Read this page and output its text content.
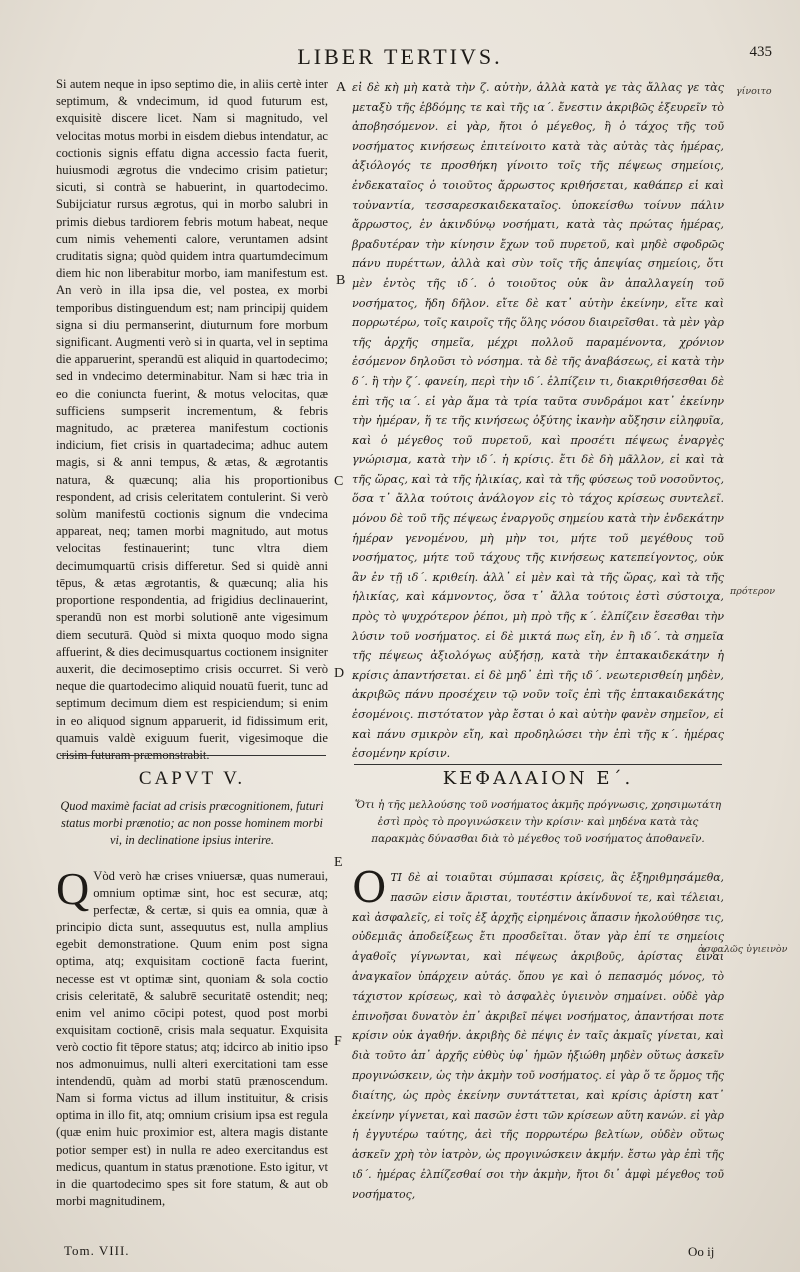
LIBER TERTIVS.	435

Si autem neque in ipso septimo die, in aliis certè inter septimum, & vndecimum, id quod futurum est, exquisitè discere licet. Nam si magnitudo, vel velocitas motus morbi in eisdem diebus intendatur, ac coctionis signis effatu digna accessio facta fuerit, huiusmodi ægrotus die vndecimo crisim patietur; sicuti, si contrà se habuerint, in quartodecimo. Subijciatur rursus ægrotus, qui in morbo salubri in primis diebus tardiorem febris motum habeat, neque cum nimis vehementi calore, veruntamen adsint cruditatis signa; quòd quidem intra quartumdecimum diem hic non liberabitur morbo, iam manifestum est. An verò in illa ipsa die, vel postea, ex morbi temporibus distinguendum est; nam principij quidem signa si diu permanserint, diuturnum fore morbum significant. Augmenti verò si in quarta, vel in septima die apparuerint, sperandū est aliquid in quartodecimo; sed in vndecimo determinabitur. Nam si hæc tria in eo die coniuncta fuerint, & motus velocitas, quæ sufficiens sumpserit incrementum, & febris magnitudo, ac præterea manifestum coctionis indicium, fiet crisis in quartadecima; adhuc autem magis, si & anni tempus, & ætas, & ægrotantis natura, & quæcunq; alia his proportionibus respondent, ad crisis celeritatem contulerint. Si verò solùm manifestū coctionis signum die vndecima appareat, neq; tamen morbi magnitudo, aut motus velocitas festinauerint; tunc vltra diem decimumquartū crisis differetur. Sed si quidè anni tēpus, & ætas ægrotantis, & quæcunq; alia his proportione respondentia, ad frigidius declinauerint, sperandū non est morbi solutionē ante vigesimum diem secuturā. Quòd si mixta quoquo modo signa affuerint, & dies decimusquartus coctionem insigniter auxerit, die decimoseptimo crisis occurret. Si verò neque die quartodecimo aliquid nouatū fuerit, tunc ad septimum decimum diem est respiciendum; si enim in eo aliquod signum apparuerit, id fidissimum erit, quamuis valdè exiguum fuerit, vigesimoque die crisim futuram præmonstrabit.

εἰ δὲ κὴ μὴ κατὰ τὴν ζ. αὐτὴν, ἀλλὰ κατὰ γε τὰς ἄλλας γε τὰς μεταξὺ τῆς ἑβδόμης τε καὶ τῆς ια΄. ἔνεστιν ἀκριβῶς ἐξευρεῖν τὸ ἀποβησόμενον. εἰ γὰρ, ἤτοι ὁ μέγεθος, ἢ ὁ τάχος τῆς τοῦ νοσήματος κινήσεως ἐπιτείνοιτο κατὰ τὰς αὐτὰς τὰς ἡμέρας, ἀξιόλογός τε προσθήκη γίνοιτο τοῖς τῆς πέψεως σημείοις, ἐνδεκαταῖος ὁ τοιοῦτος ἄρρωστος κριθήσεται, καθάπερ εἰ καὶ τοὐναντία, τεσσαρεσκαιδεκαταῖος. ὑποκείσθω τοίνυν πάλιν ἄρρωστος, ἐν ἀκινδύνῳ νοσήματι, κατὰ τὰς πρώτας ἡμέρας, βραδυτέραν τὴν κίνησιν ἔχων τοῦ πυρετοῦ, καὶ μηδὲ σφοδρῶς πάνυ πυρέττων, ἀλλὰ καὶ σὺν τοῖς τῆς ἀπεψίας σημείοις, ὅτι μὲν ἐντὸς τῆς ιδ΄. ὁ τοιοῦτος οὐκ ἂν ἀπαλλαγείη τοῦ νοσήματος, ἤδη δῆλον. εἴτε δὲ κατ᾽ αὐτὴν ἐκείνην, εἴτε καὶ πορρωτέρω, τοῖς καιροῖς τῆς ὅλης νόσου διαιρεῖσθαι. τὰ μὲν γὰρ τῆς ἀρχῆς σημεῖα, μέχρι πολλοῦ παραμένοντα, χρόνιον ἐσόμενον δηλοῦσι τὸ νόσημα. τὰ δὲ τῆς ἀναβάσεως, εἰ κατὰ τὴν δ΄. ἢ τὴν ζ΄. φανείη, περὶ τὴν ιδ΄. ἐλπίζειν τι, διακριθήσεσθαι δὲ ἐπὶ τῆς ια΄. εἰ γὰρ ἅμα τὰ τρία ταῦτα συνδράμοι κατ᾽ ἐκείνην τὴν ἡμέραν, ἥ τε τῆς κινήσεως ὀξύτης ἱκανὴν αὔξησιν εἰληφυῖα, καὶ ὁ μέγεθος τοῦ πυρετοῦ, καὶ προσέτι πέψεως ἐναργὲς γνώρισμα, κατὰ τὴν ιδ΄. ἡ κρίσις. ἔτι δὲ δὴ μᾶλλον, εἰ καὶ τὰ τῆς ὥρας, καὶ τὰ τῆς ἡλικίας, καὶ τὰ τῆς φύσεως τοῦ νοσοῦντος, ὅσα τ᾽ ἄλλα τούτοις ἀνάλογον εἰς τὸ τάχος κρίσεως συντελεῖ. μόνου δὲ τοῦ τῆς πέψεως ἐναργοῦς σημείου κατὰ τὴν ἑνδεκάτην ἡμέραν γενομένου, μὴ μὴν τοι, μήτε τοῦ μεγέθους τοῦ νοσήματος, μήτε τοῦ τάχους τῆς κινήσεως κατεπείγοντος, οὐκ ἂν ἐν τῇ ιδ΄. κριθείη. ἀλλ᾽ εἰ μὲν καὶ τὰ τῆς ὥρας, καὶ τὰ τῆς ἡλικίας, καὶ κάμνοντος, ὅσα τ᾽ ἄλλα τούτοις ἐστὶ σύστοιχα, πρὸς τὸ ψυχρότερον ῥέποι, μὴ πρὸ τῆς κ΄. ἐλπίζειν ἔσεσθαι τὴν λύσιν τοῦ νοσήματος. εἰ δὲ μικτά πως εἴη, ἐν ἢ ιδ΄. τὰ σημεῖα τῆς πέψεως ἀξιολόγως αὐξήσῃ, κατὰ τὴν ἑπτακαιδεκάτην ἡ κρίσις ἀπαντήσεται. εἰ δὲ μηδ᾽ ἐπὶ τῆς ιδ΄. νεωτερισθείη μηδὲν, ἀκριβῶς πάνυ προσέχειν τῷ νοῦν τοῖς ἐπὶ τῆς ἑπτακαιδεκάτης ἐσομένοις. πιστότατον γὰρ ἔσται ὁ καὶ αὐτὴν φανὲν σημεῖον, εἰ καὶ πάνυ σμικρὸν εἴη, καὶ προδηλώσει τὴν ἐπὶ τῆς κ΄. ἡμέρας ἐσομένην κρίσιν.

A
B
C
D
E
F
γίνοιτο
πρότερον
ἀσφαλῶς ὑγιεινὸν
CAPVT V.	ΚΕΦΑΛΑΙΟΝ Ε΄.
Quod maximè faciat ad crisis præcognitionem, futuri status morbi prænotio; ac non posse hominem morbi vi, in declinatione ipsius interire.
Ὅτι ἡ τῆς μελλούσης τοῦ νοσήματος ἀκμῆς πρόγνωσις, χρησιμωτάτη ἐστὶ πρὸς τὸ προγινώσκειν τὴν κρίσιν· καὶ μηδένα κατὰ τὰς παρακμὰς δύνασθαι διὰ τὸ μέγεθος τοῦ νοσήματος ἀποθανεῖν.
Q Vòd verò hæ crises vniuersæ, quas numeraui, omnium optimæ sint, hoc est securæ, atq; perfectæ, & certæ, si quis ea omnia, quæ à principio dicta sunt, assequutus est, nulla amplius egebit demonstratione. Quum enim post signa optima, atq; exquisitam coctionē facta fuerint, necesse est vt optimæ sint, quoniam & sola coctio crisis celeritatē, & salubrē securitatē ostendit; neq; enim vel animo cōcipi potest, quod post morbi exquisitam coctionē, crisis mala sequatur. Exquisita verò coctio fit tēpore status; atq; idcirco ab initio ipso nos admonuimus, nulli alteri exercitationi tam esse intendendū, quàm ad morbi statū prænoscendum. Nam si forma victus ad illum instituitur, & crisis optima in illo fit, atq; omnium crisium ipsa est regula (quæ enim huic proximior est, altera magis distante potior semper est) in nulla re adeo exercitandus est medicus, quantum in status prænotione. Esto igitur, vt in die quartodecimo spes sit fore statum, & aut ob morbi magnitudinem,

Ο ΤΙ δὲ αἱ τοιαῦται σύμπασαι κρίσεις, ἃς ἐξηριθμησάμεθα, πασῶν εἰσιν ἄρισται, τουτέστιν ἀκίνδυνοί τε, καὶ τέλειαι, καὶ ἀσφαλεῖς, εἰ τοῖς ἐξ ἀρχῆς εἰρημένοις ἅπασιν ἠκολούθησε τις, οὐδεμιᾶς ἀποδείξεως ἔτι προσδεῖται. ὅταν γὰρ ἐπί τε σημείοις ἀγαθοῖς γίγνωνται, καὶ πέψεως ἀκριβοῦς, ἀρίστας εἶναι ἀναγκαῖον ὑπάρχειν αὐτάς. ὅπου γε καὶ ὁ πεπασμός μόνος, τὸ τάχιστον κρίσεως, καὶ τὸ ἀσφαλὲς ὑγιεινὸν σημαίνει. οὐδὲ γὰρ ἐπινοῆσαι δυνατὸν ἐπ᾽ ἀκριβεῖ πέψει νοσήματος, ἀπαντήσαι ποτε κρίσιν οὐκ ἀγαθήν. ἀκριβὴς δὲ πέψις ἐν ταῖς ἀκμαῖς γίνεται, καὶ διὰ τοῦτο ἀπ᾽ ἀρχῆς εὐθὺς ὑφ᾽ ἡμῶν ἠξιώθη μηδὲν οὕτως ἀσκεῖν προγινώσκειν, ὡς τὴν ἀκμὴν τοῦ νοσήματος. εἰ γὰρ ὅ τε ὅρμος τῆς διαίτης, ὡς πρὸς ἐκείνην συντάττεται, καὶ κρίσις ἀρίστη κατ᾽ ἐκείνην γίγνεται, καὶ πασῶν ἐστι τῶν κρίσεων αὕτη κανών. εἰ γὰρ ἡ ἐγγυτέρω ταύτης, ἀεὶ τῆς πορρωτέρω βελτίων, οὐδὲν οὕτως ἀσκεῖν χρὴ τὸν ἰατρὸν, ὡς προγινώσκειν ἀκμήν. ἔστω γὰρ ἐπὶ τῆς ιδ΄. ἡμέρας ἐλπίζεσθαί σοι τὴν ἀκμὴν, ἤτοι δι᾽ ἀμφὶ μέγεθος τοῦ νοσήματος,

Tom. VIII.	Oo ij
